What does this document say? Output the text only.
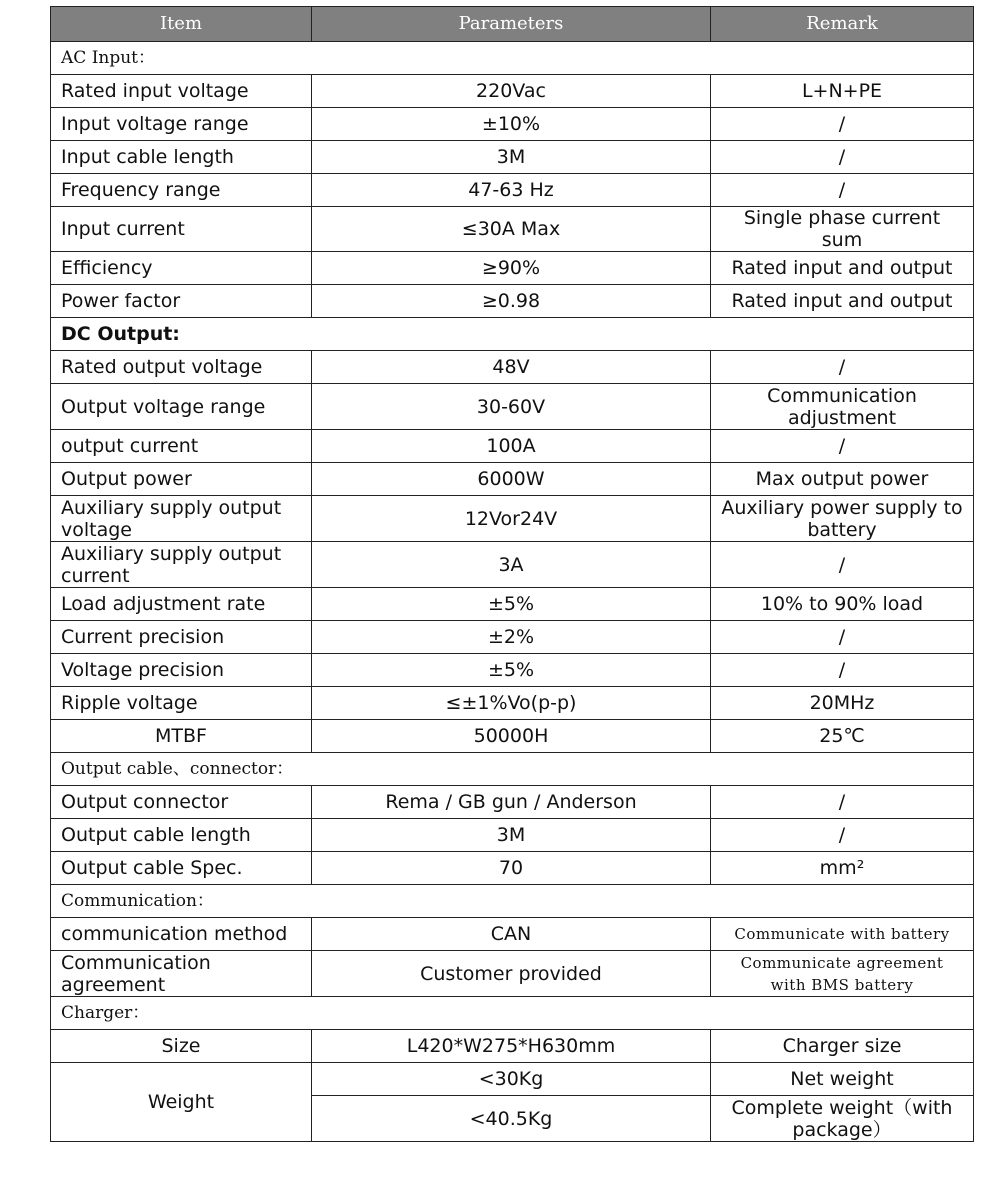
Item	Parameters	Remark
AC Input：		
Rated input voltage	220Vac	L+N+PE
Input voltage range	±10%	/
Input cable length	3M	/
Frequency range	47-63 Hz	/
Input current	≤30A Max	Single phase current sum
Efficiency	≥90%	Rated input and output
Power factor	≥0.98	Rated input and output
DC Output:		
Rated output voltage	48V	/
Output voltage range	30-60V	Communication adjustment
output current	100A	/
Output power	6000W	Max output power
Auxiliary supply output voltage	12Vor24V	Auxiliary power supply to battery
Auxiliary supply output current	3A	/
Load adjustment rate	±5%	10% to 90% load
Current precision	±2%	/
Voltage precision	±5%	/
Ripple voltage	≤±1%Vo(p-p)	20MHz
MTBF	50000H	25℃
Output cable、connector：		
Output connector	Rema / GB gun / Anderson	/
Output cable length	3M	/
Output cable Spec.	70	mm²
Communication：		
communication method	CAN	Communicate with battery
Communication agreement	Customer provided	Communicate agreement with BMS battery
Charger：		
Size	L420*W275*H630mm	Charger size
Weight	<30Kg	Net weight
	<40.5Kg	Complete weight（with package）
